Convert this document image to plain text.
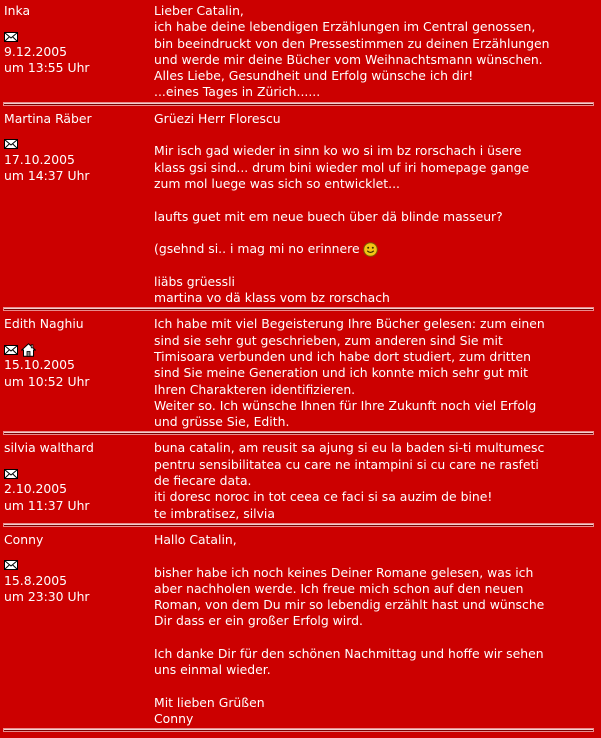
Inka
9.12.2005
um 13:55 Uhr

Lieber Catalin,

ich habe deine lebendigen Erzählungen im Central genossen,

bin beeindruckt von den Pressestimmen zu deinen Erzählungen

und werde mir deine Bücher vom Weihnachtsmann wünschen.

Alles Liebe, Gesundheit und Erfolg wünsche ich dir!

...eines Tages in Zürich......

Martina Räber
17.10.2005
um 14:37 Uhr

Grüezi Herr Florescu

Mir isch gad wieder in sinn ko wo si im bz rorschach i üsere

klass gsi sind... drum bini wieder mol uf iri homepage gange

zum mol luege was sich so entwicklet...

laufts guet mit em neue buech über dä blinde masseur?

(gsehnd si.. i mag mi no erinnere

liäbs grüessli

martina vo dä klass vom bz rorschach

Edith Naghiu
15.10.2005
um 10:52 Uhr

Ich habe mit viel Begeisterung Ihre Bücher gelesen: zum einen

sind sie sehr gut geschrieben, zum anderen sind Sie mit

Timisoara verbunden und ich habe dort studiert, zum dritten

sind Sie meine Generation und ich konnte mich sehr gut mit

Ihren Charakteren identifizieren.

Weiter so. Ich wünsche Ihnen für Ihre Zukunft noch viel Erfolg

und grüsse Sie, Edith.

silvia walthard
2.10.2005
um 11:37 Uhr

buna catalin, am reusit sa ajung si eu la baden si-ti multumesc

pentru sensibilitatea cu care ne intampini si cu care ne rasfeti

de fiecare data.

iti doresc noroc in tot ceea ce faci si sa auzim de bine!

te imbratisez, silvia

Conny
15.8.2005
um 23:30 Uhr

Hallo Catalin,

bisher habe ich noch keines Deiner Romane gelesen, was ich

aber nachholen werde. Ich freue mich schon auf den neuen

Roman, von dem Du mir so lebendig erzählt hast und wünsche

Dir dass er ein großer Erfolg wird.

Ich danke Dir für den schönen Nachmittag und hoffe wir sehen

uns einmal wieder.

Mit lieben Grüßen

Conny
